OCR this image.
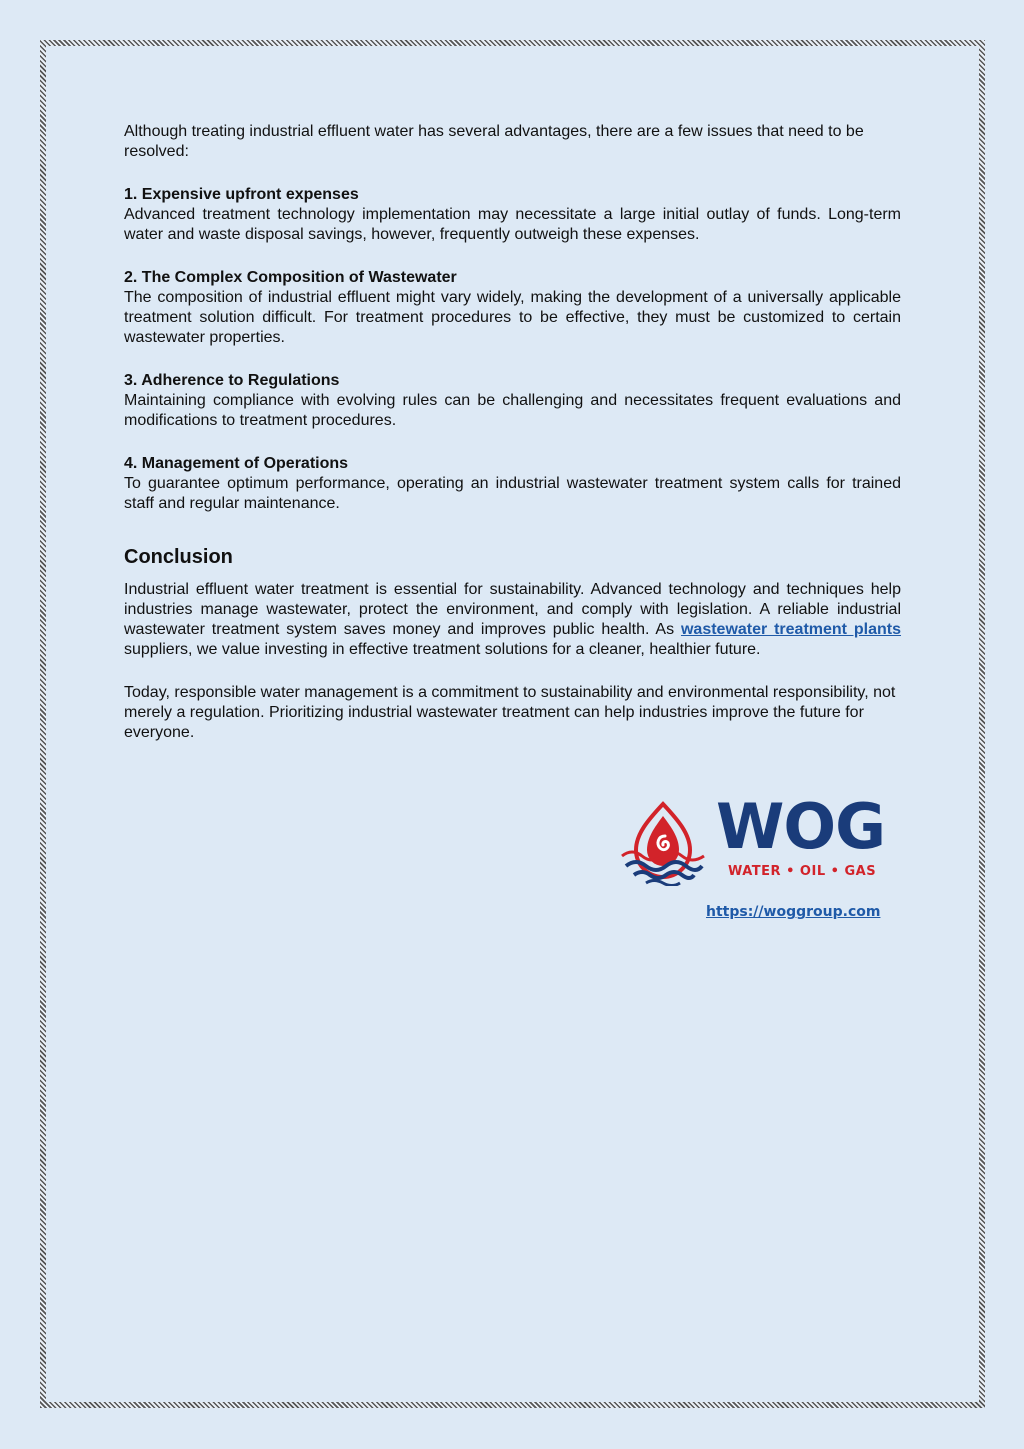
Although treating industrial effluent water has several advantages, there are a few issues that need to be resolved:

1. Expensive upfront expenses

Advanced treatment technology implementation may necessitate a large initial outlay of funds. Long-term water and waste disposal savings, however, frequently outweigh these expenses.

2. The Complex Composition of Wastewater

The composition of industrial effluent might vary widely, making the development of a universally applicable treatment solution difficult. For treatment procedures to be effective, they must be customized to certain wastewater properties.

3. Adherence to Regulations

Maintaining compliance with evolving rules can be challenging and necessitates frequent evaluations and modifications to treatment procedures.

4. Management of Operations

To guarantee optimum performance, operating an industrial wastewater treatment system calls for trained staff and regular maintenance.

Conclusion

Industrial effluent water treatment is essential for sustainability. Advanced technology and techniques help industries manage wastewater, protect the environment, and comply with legislation. A reliable industrial wastewater treatment system saves money and improves public health. As wastewater treatment plants suppliers, we value investing in effective treatment solutions for a cleaner, healthier future.

Today, responsible water management is a commitment to sustainability and environmental responsibility, not merely a regulation. Prioritizing industrial wastewater treatment can help industries improve the future for everyone.

WOG
WATER • OIL • GAS
https://woggroup.com
